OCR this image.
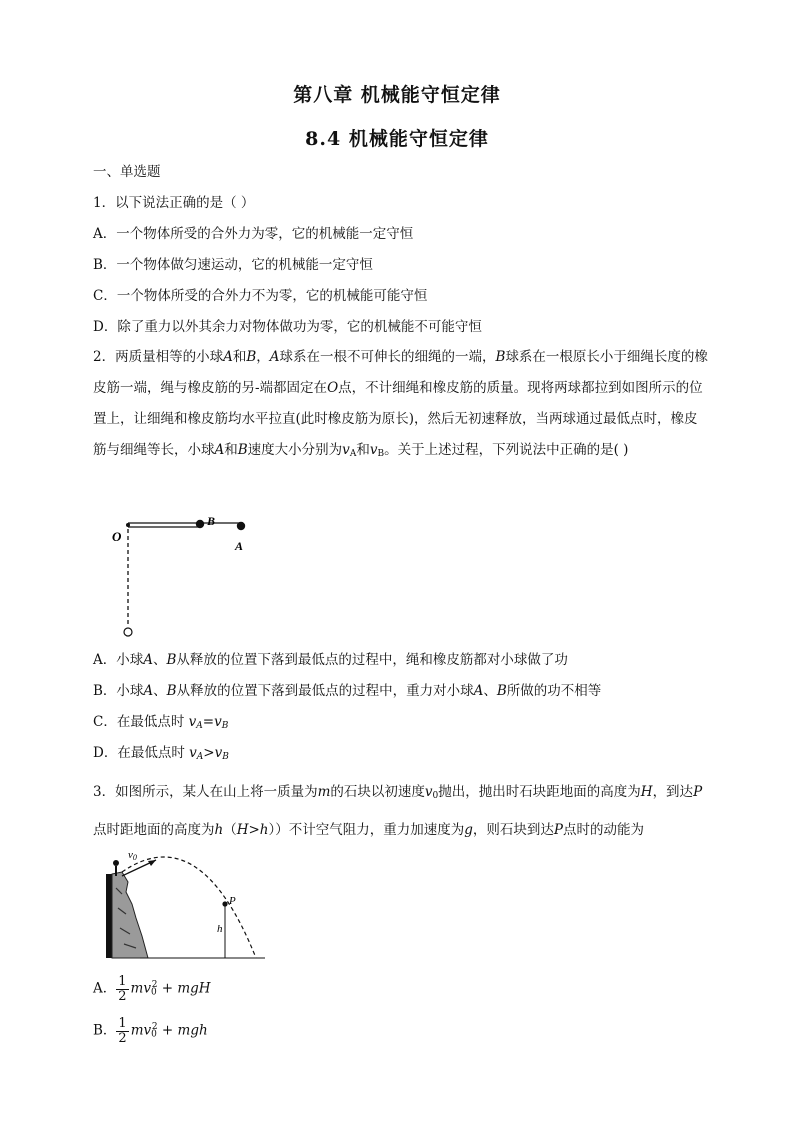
第八章 机械能守恒定律
8.4 机械能守恒定律
一、单选题
1．以下说法正确的是（ ）
A．一个物体所受的合外力为零，它的机械能一定守恒
B．一个物体做匀速运动，它的机械能一定守恒
C．一个物体所受的合外力不为零，它的机械能可能守恒
D．除了重力以外其余力对物体做功为零，它的机械能不可能守恒
2．两质量相等的小球A和B，A球系在一根不可伸长的细绳的一端，B球系在一根原长小于细绳长度的橡皮筋一端，绳与橡皮筋的另-端都固定在O点，不计细绳和橡皮筋的质量。现将两球都拉到如图所示的位置上，让细绳和橡皮筋均水平拉直(此时橡皮筋为原长)，然后无初速释放，当两球通过最低点时，橡皮筋与细绳等长，小球A和B速度大小分别为$v_A$和$v_B$。关于上述过程，下列说法中正确的是( )
O
B
A
A．小球A、B从释放的位置下落到最低点的过程中，绳和橡皮筋都对小球做了功
B．小球A、B从释放的位置下落到最低点的过程中，重力对小球A、B所做的功不相等
C．在最低点时 $v_A=v_B$
D．在最低点时 $v_A>v_B$
3．如图所示，某人在山上将一质量为m的石块以初速度$v_0$抛出，抛出时石块距地面的高度为H，到达P点时距地面的高度为h（H>h））不计空气阻力，重力加速度为g，则石块到达P点时的动能为
v0
P
h
A． $\frac{1}{2} mv_0^2$ + mgH
B． $\frac{1}{2} mv_0^2$ + mgh
